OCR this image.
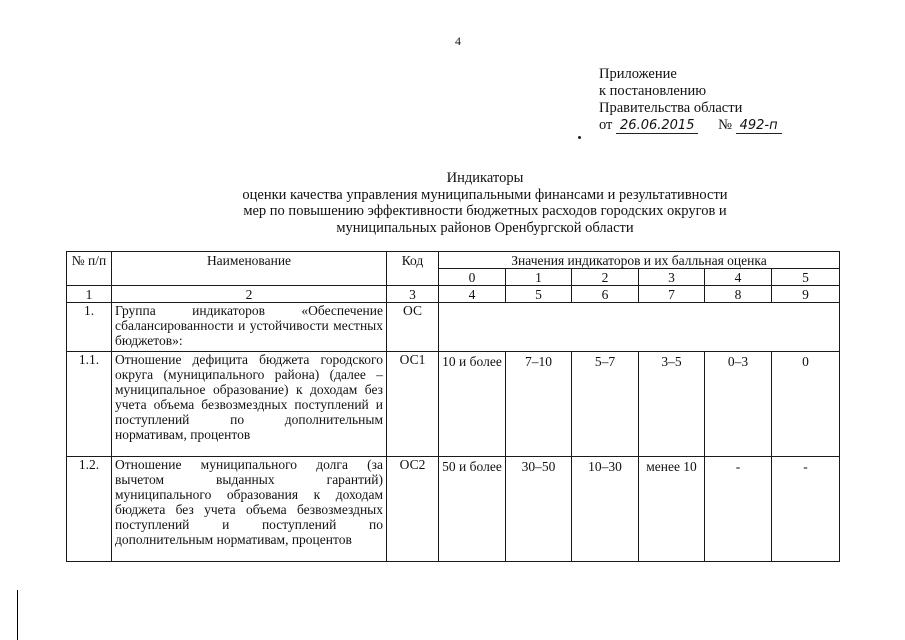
4
Приложение
к постановлению
Правительства области
от 26.06.2015 № 492-п
Индикаторы
оценки качества управления муниципальными финансами и результативности
мер по повышению эффективности бюджетных расходов городских округов и
муниципальных районов Оренбургской области
№ п/п	Наименование	Код	Значения индикаторов и их балльная оценка					
			0	1	2	3	4	5
1	2	3	4	5	6	7	8	9
1.	Группа индикаторов «Обеспечение сбалансированности и устойчивости местных бюджетов»:	ОС						
1.1.	Отношение дефицита бюджета городского округа (муниципального района) (далее – муниципальное образование) к доходам без учета объема безвозмездных поступлений и поступлений по дополнительным нормативам, процентов	ОС1	10 и более	7–10	5–7	3–5	0–3	0
1.2.	Отношение муниципального долга (за вычетом выданных гарантий) муниципального образования к доходам бюджета без учета объема безвозмездных поступлений и поступлений по дополнительным нормативам, процентов	ОС2	50 и более	30–50	10–30	менее 10	-	-
